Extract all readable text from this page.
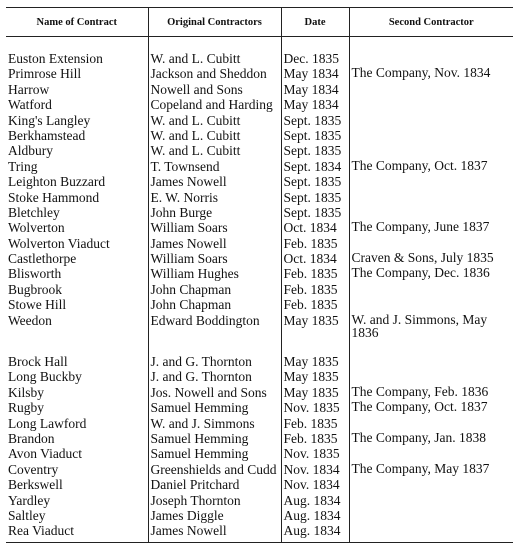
Name of Contract	Original Contractors	Date	Second Contractor
Euston Extension	W. and L. Cubitt	Dec. 1835	
Primrose Hill	Jackson and Sheddon	May 1834	The Company, Nov. 1834
Harrow	Nowell and Sons	May 1834	
Watford	Copeland and Harding	May 1834	
King's Langley	W. and L. Cubitt	Sept. 1835	
Berkhamstead	W. and L. Cubitt	Sept. 1835	
Aldbury	W. and L. Cubitt	Sept. 1835	
Tring	T. Townsend	Sept. 1834	The Company, Oct. 1837
Leighton Buzzard	James Nowell	Sept. 1835	
Stoke Hammond	E. W. Norris	Sept. 1835	
Bletchley	John Burge	Sept. 1835	
Wolverton	William Soars	Oct. 1834	The Company, June 1837
Wolverton Viaduct	James Nowell	Feb. 1835	
Castlethorpe	William Soars	Oct. 1834	Craven & Sons, July 1835
Blisworth	William Hughes	Feb. 1835	The Company, Dec. 1836
Bugbrook	John Chapman	Feb. 1835	
Stowe Hill	John Chapman	Feb. 1835	
Weedon	Edward Boddington	May 1835	W. and J. Simmons, May 1836

Brock Hall	J. and G. Thornton	May 1835	
Long Buckby	J. and G. Thornton	May 1835	
Kilsby	Jos. Nowell and Sons	May 1835	The Company, Feb. 1836
Rugby	Samuel Hemming	Nov. 1835	The Company, Oct. 1837
Long Lawford	W. and J. Simmons	Feb. 1835	
Brandon	Samuel Hemming	Feb. 1835	The Company, Jan. 1838
Avon Viaduct	Samuel Hemming	Nov. 1835	
Coventry	Greenshields and Cudd	Nov. 1834	The Company, May 1837
Berkswell	Daniel Pritchard	Nov. 1834	
Yardley	Joseph Thornton	Aug. 1834	
Saltley	James Diggle	Aug. 1834	
Rea Viaduct	James Nowell	Aug. 1834	
